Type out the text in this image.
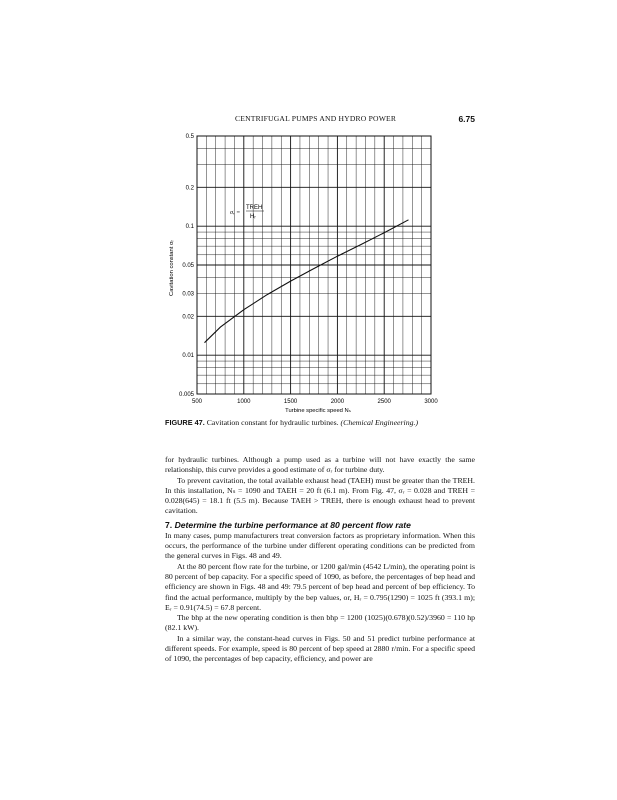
CENTRIFUGAL PUMPS AND HYDRO POWER	6.75
500	1000	1500	2000	2500	3000
0.5
0.2
0.1
0.05
0.03
0.02
0.01
0.005
Turbine specific speed Nₛ
Cavitation constant σᵣ
σᵣ =
TREH
Hᵣ
FIGURE 47. Cavitation constant for hydraulic turbines. (Chemical Engineering.)

for hydraulic turbines. Although a pump used as a turbine will not have exactly the same relationship, this curve provides a good estimate of σᵣ for turbine duty.

To prevent cavitation, the total available exhaust head (TAEH) must be greater than the TREH. In this installation, Nₛ = 1090 and TAEH = 20 ft (6.1 m). From Fig. 47, σᵣ = 0.028 and TREH = 0.028(645) = 18.1 ft (5.5 m). Because TAEH > TREH, there is enough exhaust head to prevent cavitation.

7. Determine the turbine performance at 80 percent flow rate

In many cases, pump manufacturers treat conversion factors as proprietary information. When this occurs, the performance of the turbine under different operating conditions can be predicted from the general curves in Figs. 48 and 49.

At the 80 percent flow rate for the turbine, or 1200 gal/min (4542 L/min), the operating point is 80 percent of bep capacity. For a specific speed of 1090, as before, the percentages of bep head and efficiency are shown in Figs. 48 and 49: 79.5 percent of bep head and percent of bep efficiency. To find the actual performance, multiply by the bep values, or, Hᵣ = 0.795(1290) = 1025 ft (393.1 m); Eᵣ = 0.91(74.5) = 67.8 percent.

The bhp at the new operating condition is then bhp = 1200 (1025)(0.678)(0.52)/3960 = 110 hp (82.1 kW).

In a similar way, the constant-head curves in Figs. 50 and 51 predict turbine performance at different speeds. For example, speed is 80 percent of bep speed at 2880 r/min. For a specific speed of 1090, the percentages of bep capacity, efficiency, and power are
